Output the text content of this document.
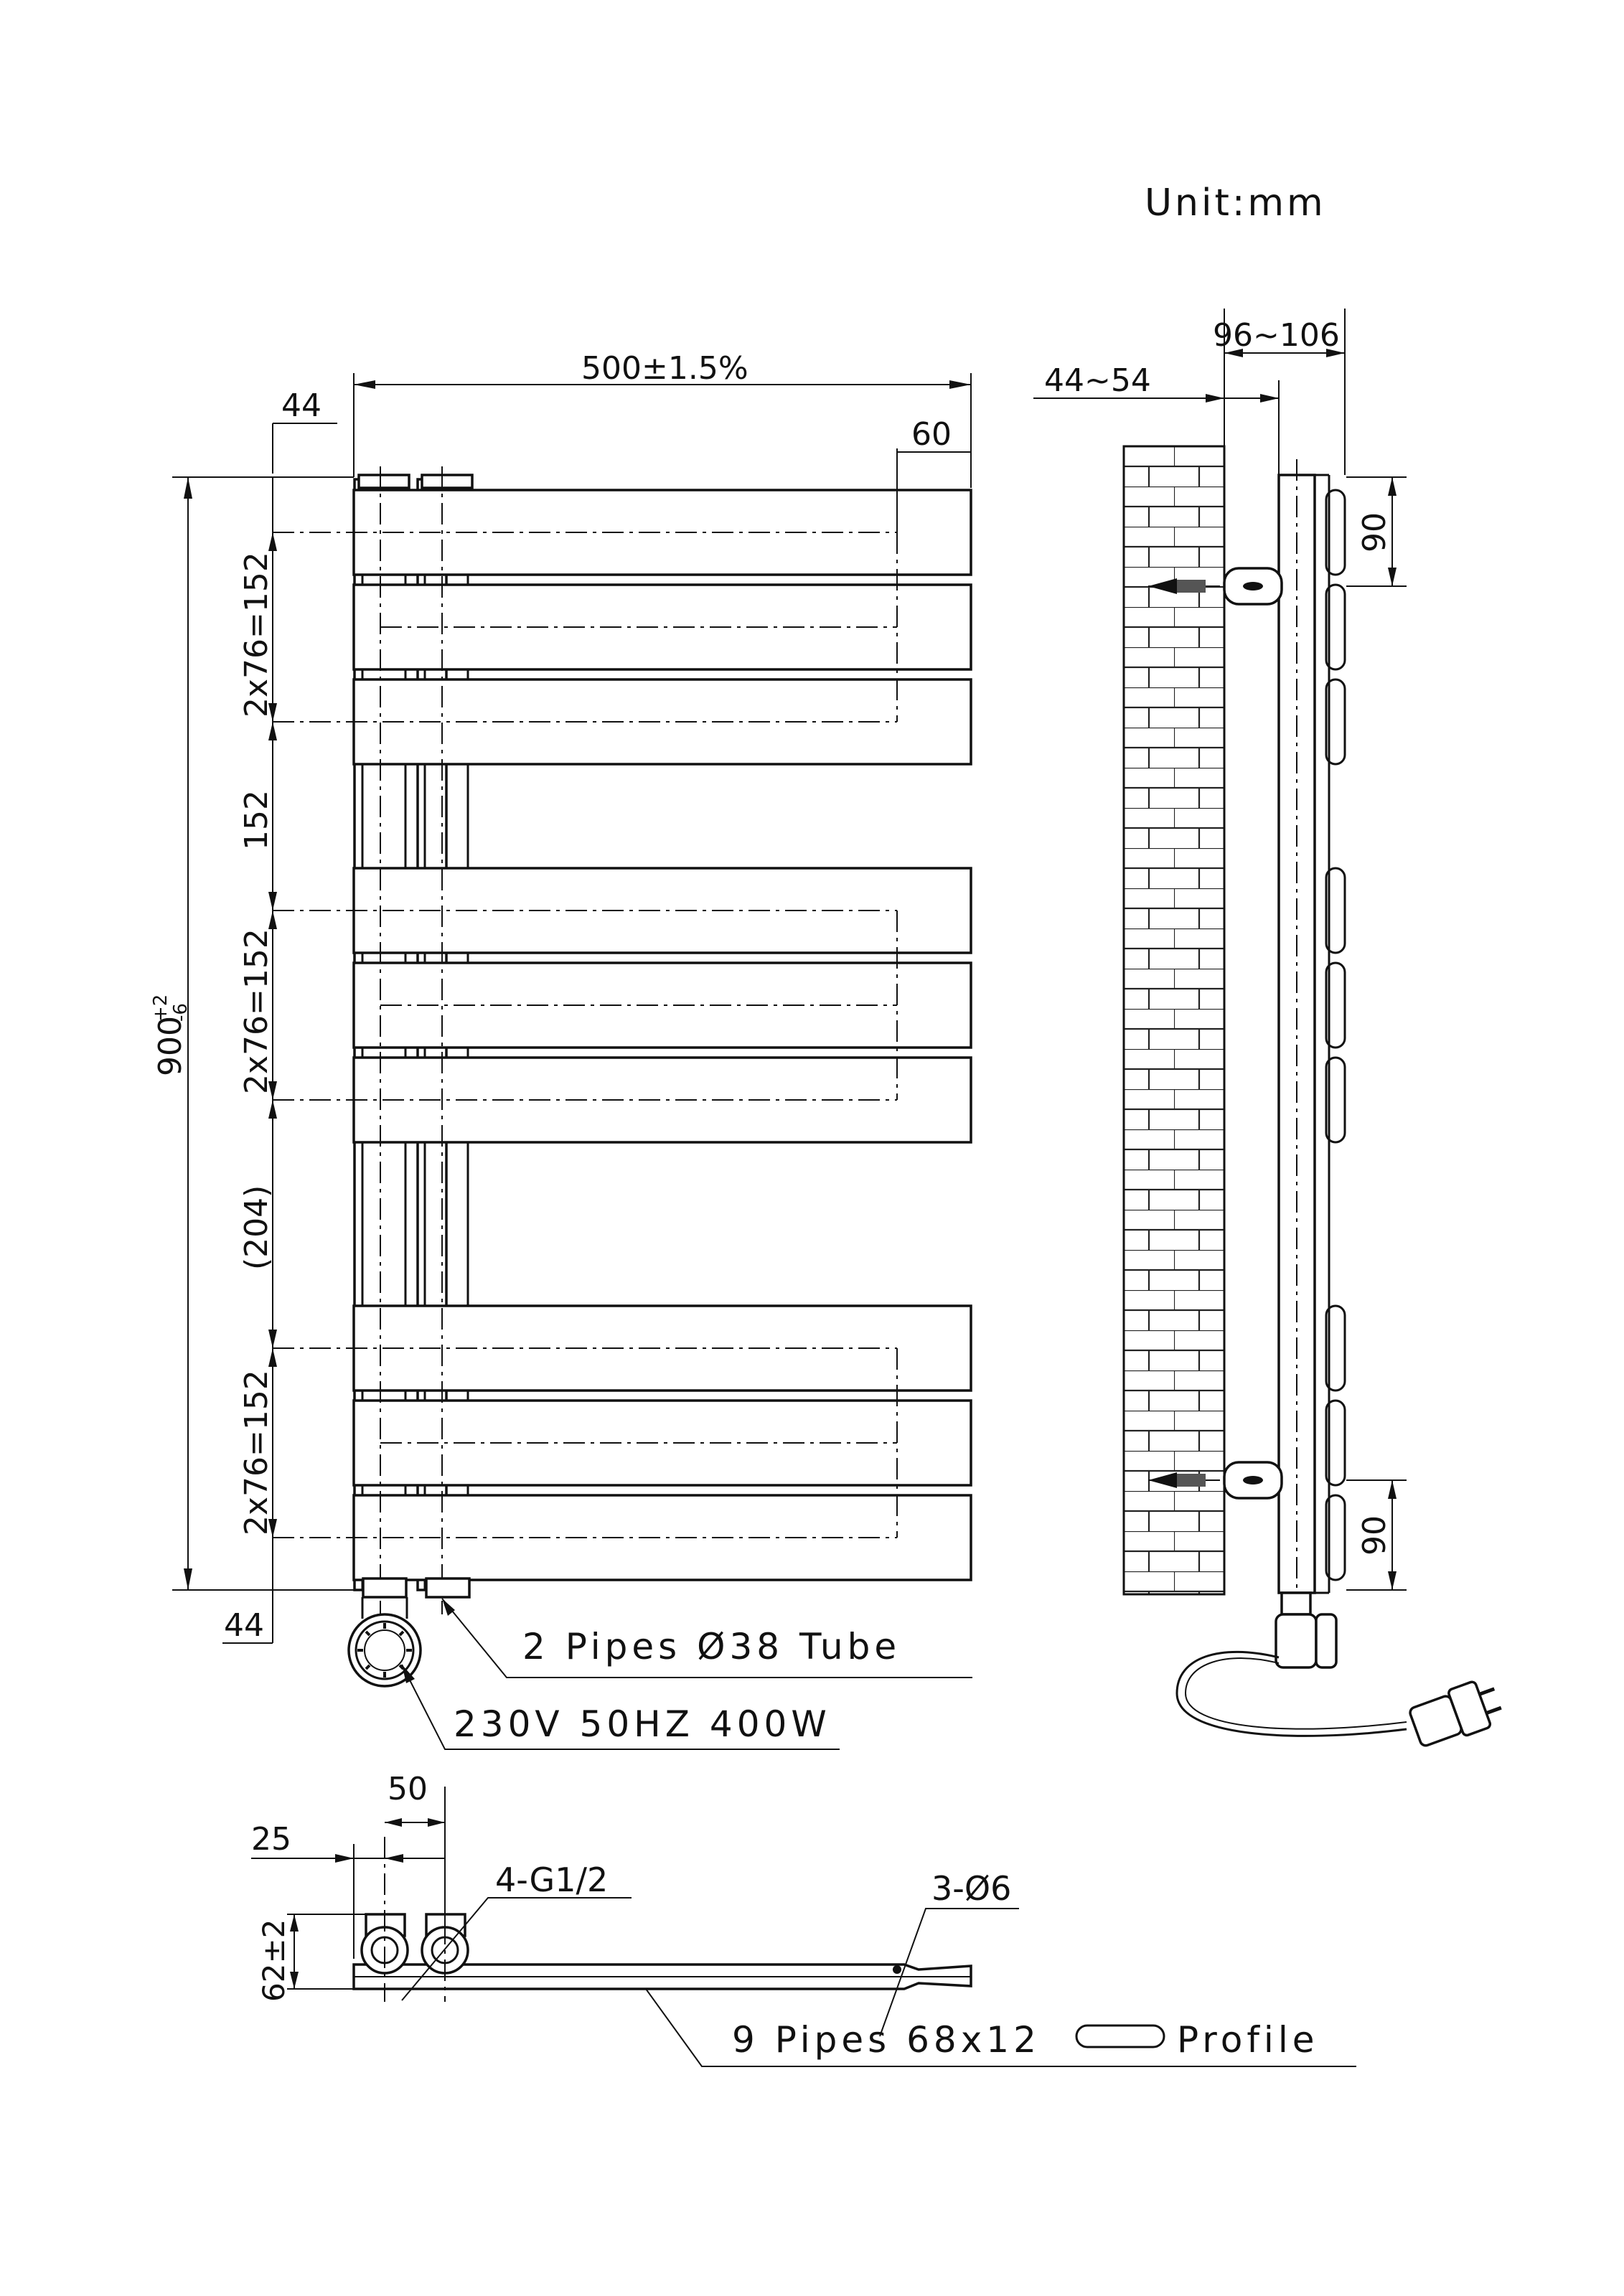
Unit:mm
500±1.5%
44
60
900
+2
-6
2x76=152
152
2x76=152
(204)
2x76=152
44
2 Pipes Ø38 Tube
230V 50HZ 400W
44~54
96~106
90
90
25
50
62±2
4-G1/2	3-Ø6
9 Pipes 68x12	Profile
